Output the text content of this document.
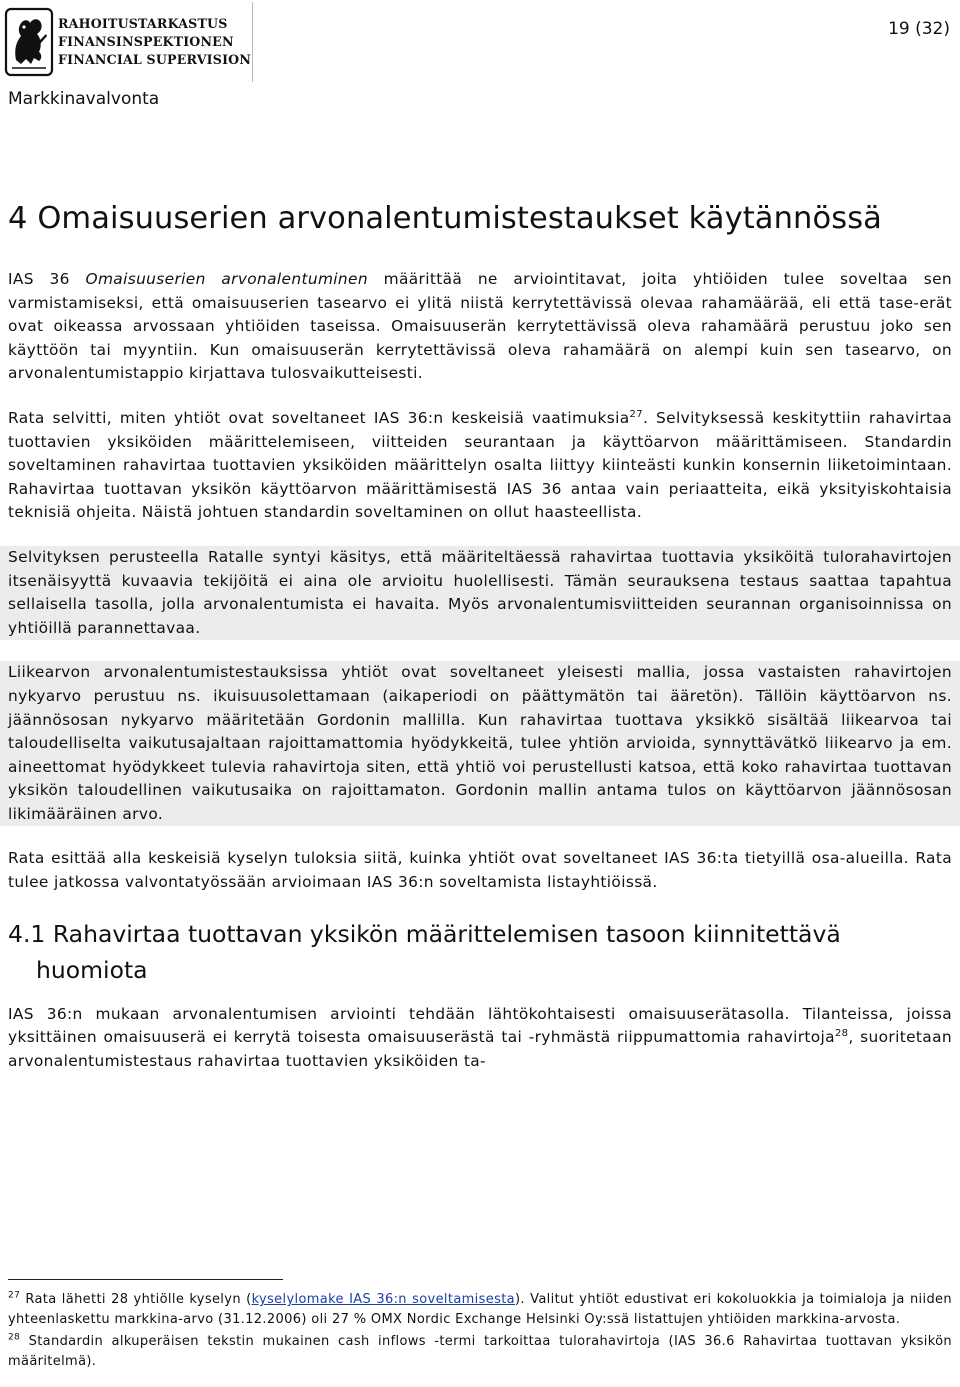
RAHOITUSTARKASTUS
FINANSINSPEKTIONEN
FINANCIAL SUPERVISION
19 (32)
Markkinavalvonta
4 Omaisuuserien arvonalentumistestaukset käytännössä

IAS 36 Omaisuuserien arvonalentuminen määrittää ne arviointitavat, joita yhtiöiden tulee soveltaa sen varmistamiseksi, että omaisuuserien tasearvo ei ylitä niistä kerrytettävissä olevaa rahamäärää, eli että tase-erät ovat oikeassa arvossaan yhtiöiden taseissa. Omaisuuserän kerrytettävissä oleva rahamäärä perustuu joko sen käyttöön tai myyntiin. Kun omaisuuserän kerrytettävissä oleva rahamäärä on alempi kuin sen tasearvo, on arvonalentumistappio kirjattava tulosvaikutteisesti.

Rata selvitti, miten yhtiöt ovat soveltaneet IAS 36:n keskeisiä vaatimuksia$^{27}$. Selvityksessä keskityttiin rahavirtaa tuottavien yksiköiden määrittelemiseen, viitteiden seurantaan ja käyttöarvon määrittämiseen. Standardin soveltaminen rahavirtaa tuottavien yksiköiden määrittelyn osalta liittyy kiinteästi kunkin konsernin liiketoimintaan. Rahavirtaa tuottavan yksikön käyttöarvon määrittämisestä IAS 36 antaa vain periaatteita, eikä yksityiskohtaisia teknisiä ohjeita. Näistä johtuen standardin soveltaminen on ollut haasteellista.

Selvityksen perusteella Ratalle syntyi käsitys, että määriteltäessä rahavirtaa tuottavia yksiköitä tulorahavirtojen itsenäisyyttä kuvaavia tekijöitä ei aina ole arvioitu huolellisesti. Tämän seurauksena testaus saattaa tapahtua sellaisella tasolla, jolla arvonalentumista ei havaita. Myös arvonalentumisviitteiden seurannan organisoinnissa on yhtiöillä parannettavaa.

Liikearvon arvonalentumistestauksissa yhtiöt ovat soveltaneet yleisesti mallia, jossa vastaisten rahavirtojen nykyarvo perustuu ns. ikuisuusolettamaan (aikaperiodi on päättymätön tai ääretön). Tällöin käyttöarvon ns. jäännösosan nykyarvo määritetään Gordonin mallilla. Kun rahavirtaa tuottava yksikkö sisältää liikearvoa tai taloudelliselta vaikutusajaltaan rajoittamattomia hyödykkeitä, tulee yhtiön arvioida, synnyttävätkö liikearvo ja em. aineettomat hyödykkeet tulevia rahavirtoja siten, että yhtiö voi perustellusti katsoa, että koko rahavirtaa tuottavan yksikön taloudellinen vaikutusaika on rajoittamaton. Gordonin mallin antama tulos on käyttöarvon jäännösosan likimääräinen arvo.

Rata esittää alla keskeisiä kyselyn tuloksia siitä, kuinka yhtiöt ovat soveltaneet IAS 36:ta tietyillä osa-alueilla. Rata tulee jatkossa valvontatyössään arvioimaan IAS 36:n soveltamista listayhtiöissä.

4.1 Rahavirtaa tuottavan yksikön määrittelemisen tasoon kiinnitettävä huomiota

IAS 36:n mukaan arvonalentumisen arviointi tehdään lähtökohtaisesti omaisuuserätasolla. Tilanteissa, joissa yksittäinen omaisuuserä ei kerrytä toisesta omaisuuserästä tai -ryhmästä riippumattomia rahavirtoja$^{28}$, suoritetaan arvonalentumistestaus rahavirtaa tuottavien yksiköiden ta-

$^{27}$ Rata lähetti 28 yhtiölle kyselyn (kyselylomake IAS 36:n soveltamisesta). Valitut yhtiöt edustivat eri kokoluokkia ja toimialoja ja niiden yhteenlaskettu markkina-arvo (31.12.2006) oli 27 % OMX Nordic Exchange Helsinki Oy:ssä listattujen yhtiöiden markkina-arvosta.
$^{28}$ Standardin alkuperäisen tekstin mukainen cash inflows -termi tarkoittaa tulorahavirtoja (IAS 36.6 Rahavirtaa tuottavan yksikön määritelmä).
